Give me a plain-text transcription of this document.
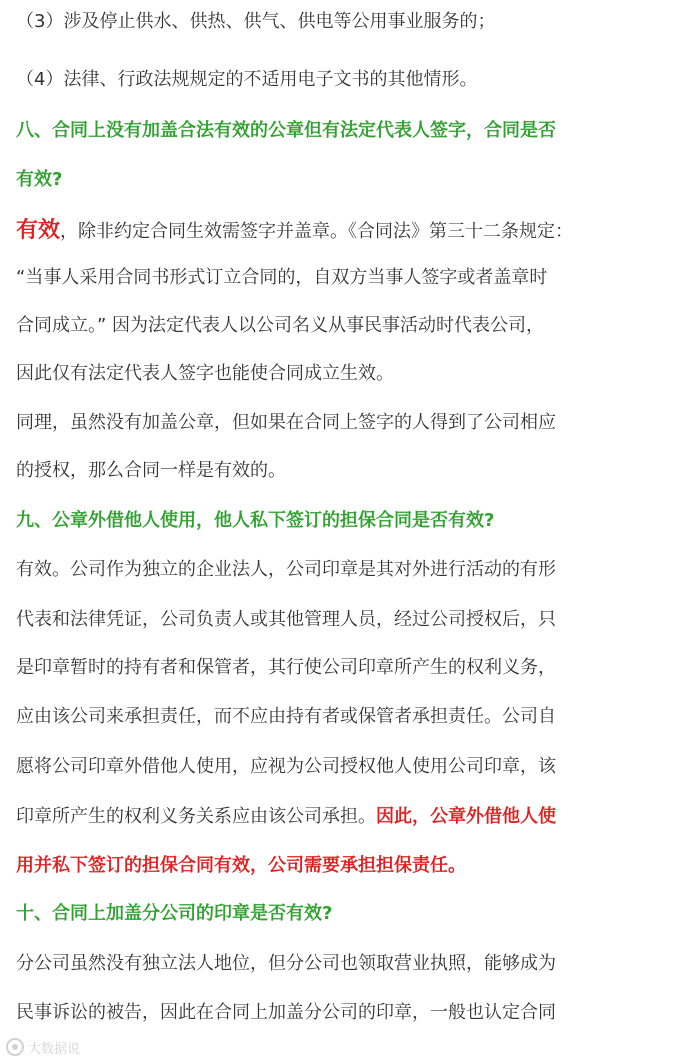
（3）涉及停止供水、供热、供气、供电等公用事业服务的；
（4）法律、行政法规规定的不适用电子文书的其他情形。
八、合同上没有加盖合法有效的公章但有法定代表人签字，合同是否
有效?
有效，除非约定合同生效需签字并盖章。《合同法》第三十二条规定：
“当事人采用合同书形式订立合同的，自双方当事人签字或者盖章时
合同成立。” 因为法定代表人以公司名义从事民事活动时代表公司，
因此仅有法定代表人签字也能使合同成立生效。
同理，虽然没有加盖公章，但如果在合同上签字的人得到了公司相应
的授权，那么合同一样是有效的。
九、公章外借他人使用，他人私下签订的担保合同是否有效?
有效。公司作为独立的企业法人，公司印章是其对外进行活动的有形
代表和法律凭证，公司负责人或其他管理人员，经过公司授权后，只
是印章暂时的持有者和保管者，其行使公司印章所产生的权利义务，
应由该公司来承担责任，而不应由持有者或保管者承担责任。公司自
愿将公司印章外借他人使用，应视为公司授权他人使用公司印章，该
印章所产生的权利义务关系应由该公司承担。因此，公章外借他人使
用并私下签订的担保合同有效，公司需要承担担保责任。
十、合同上加盖分公司的印章是否有效?
分公司虽然没有独立法人地位，但分公司也领取营业执照，能够成为
民事诉讼的被告，因此在合同上加盖分公司的印章，一般也认定合同
大数据说
